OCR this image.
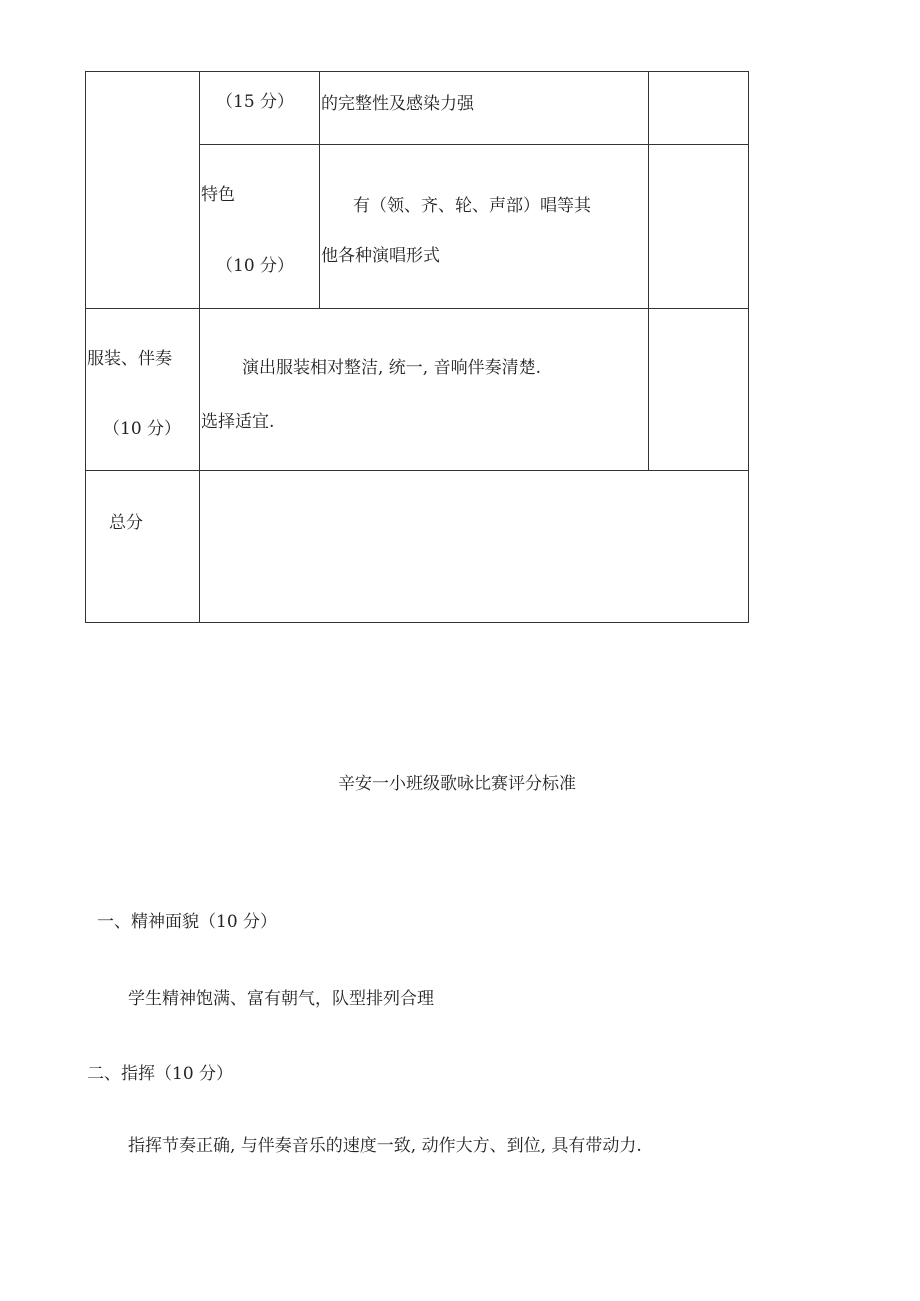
（15 分） 的完整性及感染力强
特色
（10 分）
有（领、齐、轮、声部）唱等其
他各种演唱形式
服装、伴奏
（10 分）
演出服装相对整洁, 统一, 音响伴奏清楚.
选择适宜.
总分
辛安一小班级歌咏比赛评分标准
一、精神面貌（10 分）
学生精神饱满、富有朝气，队型排列合理
二、指挥（10 分）
指挥节奏正确, 与伴奏音乐的速度一致, 动作大方、到位, 具有带动力.
